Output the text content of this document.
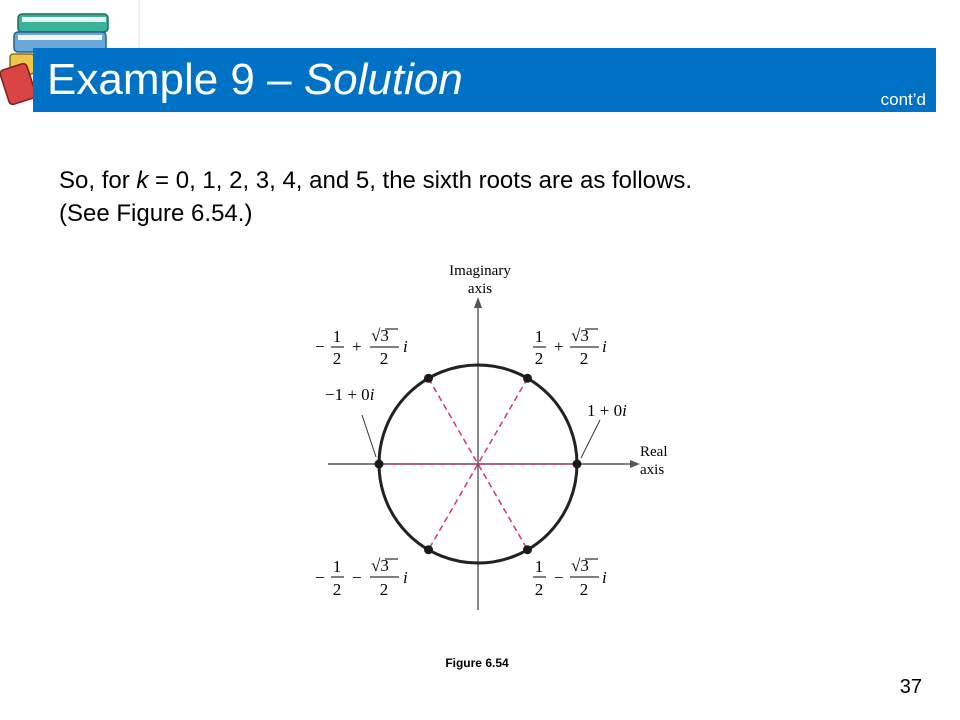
Example 9 – Solution	cont’d
So, for k = 0, 1, 2, 3, 4, and 5, the sixth roots are as follows.
(See Figure 6.54.)
Imaginary
axis
Real
axis
1
2
+
√3
2
i
−
1
2
+
√3
2
i
−1 + 0i
1 + 0i
−
1
2
−
√3
2
i
1
2
−
√3
2
i
Figure 6.54
37
